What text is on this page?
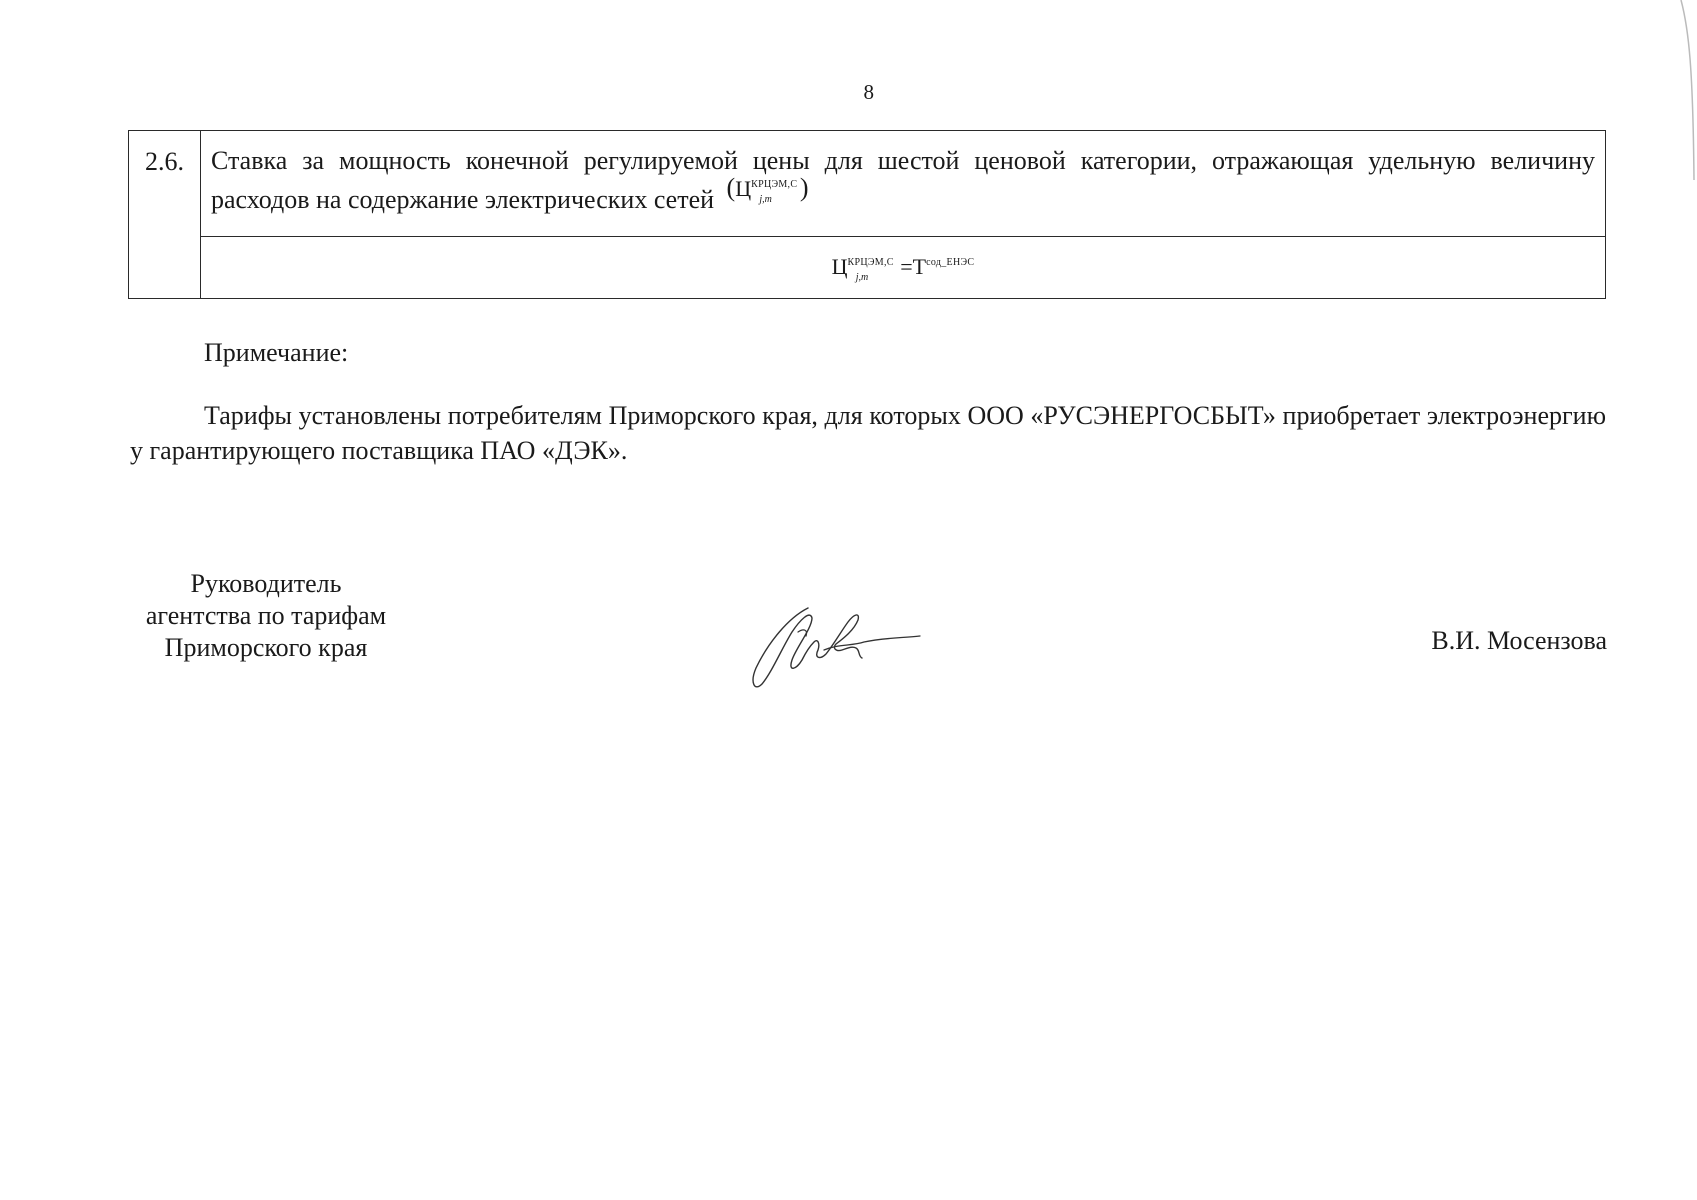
8
2.6.	Ставка за мощность конечной регулируемой цены для шестой ценовой категории, отражающая удельную величину расходов на содержание электрических сетей ($Ц^{КРЦЭМ,С}_{j,m}$ )
$Ц^{КРЦЭМ,С}_{j,m} =Т^{сод\_ЕНЭС}$
Примечание:
Тарифы установлены потребителям Приморского края, для которых ООО «РУСЭНЕРГОСБЫТ» приобретает электроэнергию у гарантирующего поставщика ПАО «ДЭК».
Руководитель
агентства по тарифам
Приморского края	В.И. Мосензова
